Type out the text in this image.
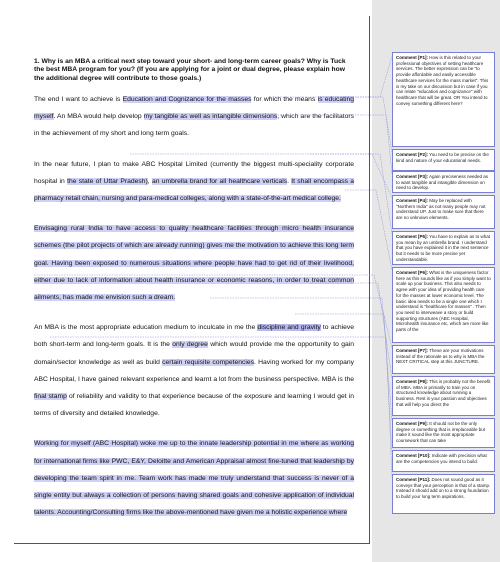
1. Why is an MBA a critical next step toward your short- and long-term career goals? Why is Tuck the best MBA program for you? (If you are applying for a joint or dual degree, please explain how the additional degree will contribute to those goals.)

The end I want to achieve is Education and Cognizance for the masses for which the means is educating myself. An MBA would help develop my tangible as well as intangible dimensions, which are the facilitators in the achievement of my short and long term goals.

In the near future, I plan to make ABC Hospital Limited (currently the biggest multi-speciality corporate hospital in the state of Uttar Pradesh), an umbrella brand for all healthcare verticals. It shall encompass a pharmacy retail chain, nursing and para-medical colleges, along with a state-of-the-art medical college.

Envisaging rural India to have access to quality healthcare facilities through micro health insurance schemes (the pilot projects of which are already running) gives me the motivation to achieve this long term goal. Having been exposed to numerous situations where people have had to get rid of their livelihood, either due to lack of information about health insurance or economic reasons, in order to treat common ailments, has made me envision such a dream.

An MBA is the most appropriate education medium to inculcate in me the discipline and gravity to achieve both short-term and long-term goals. It is the only degree which would provide me the opportunity to gain domain/sector knowledge as well as build certain requisite competencies. Having worked for my company ABC Hospital, I have gained relevant experience and learnt a lot from the business perspective. MBA is the final stamp of reliability and validity to that experience because of the exposure and learning I would get in terms of diversity and detailed knowledge.

Working for myself (ABC Hospital) woke me up to the innate leadership potential in me where as working for international firms like PWC, E&Y, Deloitte and American Appraisal almost fine-tuned that leadership by developing the team spirit in me. Team work has made me truly understand that success is never of a single entity but always a collection of persons having shared goals and cohesive application of individual talents. Accounting/Consulting firms like the above-mentioned have given me a holistic experience where

Comment [P1]: How is this related to your professional objectives of setting healthcare services. The better expression can be "to provide affordable and easily accessible healthcare services for the mass market". This is my take on our discussion but in case if you can relate "education and cognizance" with healthcare that will be great. OR You intend to convey something different here?
Comment [P2]: You need to be precise on the kind and nature of your educational needs.
Comment [P3]: Again preciseness needed as to want tangible and intangible dimension on need to develop.
Comment [P4]: May be replaced with "Northern India" as not many people may not understand UP. Just to make sure that there are no unknown elements.
Comment [P5]: You have to explain as to what you mean by an umbrella brand. I understand that you have explained it in the next sentence but it needs to be more precise yet understandable.
Comment [P6]: What is the uniqueness factor here as this sounds like as if you simply want to scale up your business. This also needs to agree with your idea of providing health care for the masses at lower economic level. The basic idea needs to be a single one which I understand is "healthcare for masses" . Then you need to interweave a story or build supporting structures (ABC Hospital, Microhealth insurance etc, which are more like parts of the
Comment [P7]: These are your motivations instead of the rationale as to why is MBA the NEXT CRITICAL step at this JUNCTURE.
Comment [P8]: This is probably not the benefit of MBA. MBA is primarily to train you on structured knowledge about running a business. Rest is your passion and objectives that will help you direct the
Comment [P9]: It should not be the only degree or something that is irreplaceable but make it sound like the most appropriate coursework that can take
Comment [P10]: Indicate with precision what are the competencies you intend to build.
Comment [P11]: Does not sound good as it conveys that your perception is that of a stamp. Instead it should add on to a strong foundation to build your long term aspirations.
